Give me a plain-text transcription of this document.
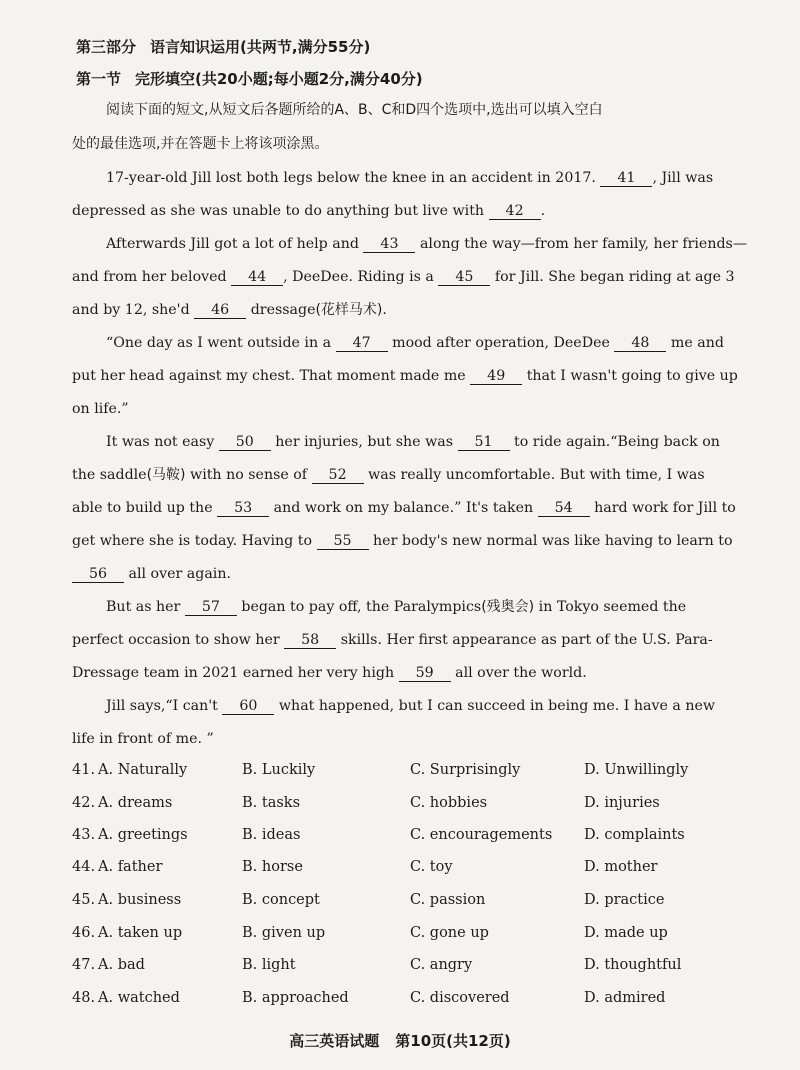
第三部分 语言知识运用(共两节,满分55分)
第一节 完形填空(共20小题;每小题2分,满分40分)
阅读下面的短文,从短文后各题所给的A、B、C和D四个选项中,选出可以填入空白
处的最佳选项,并在答题卡上将该项涂黑。
17-year-old Jill lost both legs below the knee in an accident in 2017. 41 , Jill was
depressed as she was unable to do anything but live with 42 .
Afterwards Jill got a lot of help and 43 along the way—from her family, her friends—
and from her beloved 44 , DeeDee. Riding is a 45 for Jill. She began riding at age 3
and by 12, she'd 46 dressage(花样马术).
“One day as I went outside in a 47 mood after operation, DeeDee 48 me and
put her head against my chest. That moment made me 49 that I wasn't going to give up
on life.”
It was not easy 50 her injuries, but she was 51 to ride again.“Being back on
the saddle(马鞍) with no sense of 52 was really uncomfortable. But with time, I was
able to build up the 53 and work on my balance.” It's taken 54 hard work for Jill to
get where she is today. Having to 55 her body's new normal was like having to learn to
56 all over again.
But as her 57 began to pay off, the Paralympics(残奥会) in Tokyo seemed the
perfect occasion to show her 58 skills. Her first appearance as part of the U.S. Para-
Dressage team in 2021 earned her very high 59 all over the world.
Jill says,“I can't 60 what happened, but I can succeed in being me. I have a new
life in front of me. ”
41. A. Naturally	B. Luckily	C. Surprisingly	D. Unwillingly
42. A. dreams	B. tasks	C. hobbies	D. injuries
43. A. greetings	B. ideas	C. encouragements D. complaints
44. A. father	B. horse	C. toy	D. mother
45. A. business	B. concept	C. passion	D. practice
46. A. taken up	B. given up	C. gone up	D. made up
47. A. bad	B. light	C. angry	D. thoughtful
48. A. watched	B. approached	C. discovered	D. admired
高三英语试题 第10页(共12页)
